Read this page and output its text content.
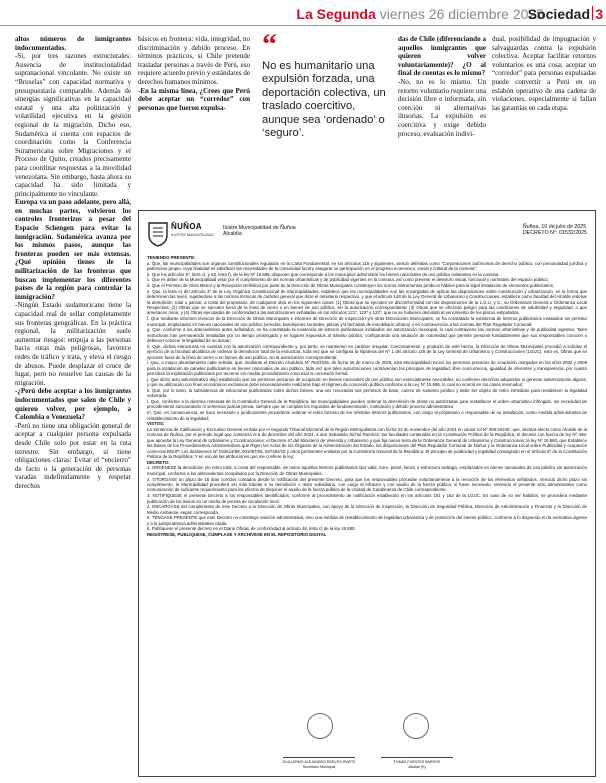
La Segunda viernes 26 diciembre 2025
Sociedad 3

altos números de inmigrantes indocumentados.

-Si, por tres razones estructurales: Ausencia de institucionalidad supranacional vinculante. No existe un “Bruselas” con capacidad normativa y presupuestaria comparable. Además de sinergias significativas en la capacidad estatal y una alta politización y volatilidad ejecutiva en la gestión regional de la migración. Dicho eso, Sudamérica sí cuenta con espacios de coordinación como la Conferencia Suramericana sobre Migraciones y el Proceso de Quito, creados precisamente para coordinar respuestas a la movilidad venezolana. Sin embargo, hasta ahora su capacidad ha sido limitada y principalmente no vinculante.

Europa va un paso adelante, pero allá, en muchas partes, volvieron los controles fronterizos a pesar del Espacio Schengen para evitar la inmigración. Sudamérica avanza por los mismos pasos, aunque las fronteras pueden ser más extensas.¿Qué opinión tienes de la militarización de las fronteras que buscan implementar los diferentes países de la región para controlar la inmigración?

-Ningún Estado sudamericano tiene la capacidad real de sellar completamente sus fronteras geográficas. En la práctica regional, la militarización suele aumentar riesgos: empuja a las personas hacia rutas más peligrosas, favorece redes de tráfico y trata, y eleva el riesgo de abusos. Puede desplazar el cruce de lugar, pero no resuelve las causas de la migración.

-¿Perú debe aceptar a los inmigrantes indocumentados que salen de Chile y quieren volver, por ejemplo, a Colombia o Venezuela?

-Perú no tiene una obligación general de aceptar a cualquier persona expulsada desde Chile solo por estar en la ruta terrestre. Sin embargo, sí tiene obligaciones claras: Evitar el “encierro” de facto o la generación de personas varadas indefinidamente y respetar derechos

básicos en frontera: vida, integridad, no discriminación y debido proceso. En términos prácticos, si Chile pretende trasladar personas a través de Perú, eso requiere acuerdo previo y estándares de derechos humanos mínimos.

-En la misma línea, ¿Crees que Perú debe aceptar un “corredor” con personas que fueron expulsa-

“
No es humanitario una expulsión forzada, una deportación colectiva, un traslado coercitivo, aunque sea ‘ordenado’ o ‘seguro’.

das de Chile (diferenciando a aquellos inmigrantes que quieren volver voluntariamente)? ¿O al final de cuentas es lo mismo?

-No, no es lo mismo. Un retorno voluntario requiere una decisión libre e informada, sin coerción ni alternativas ilusorias. La expulsión es coercitiva y exige debido proceso, evaluación indivi-

dual, posibilidad de impugnación y salvaguardas contra la expulsión colectiva. Aceptar facilitar retornos voluntarios es una cosa; aceptar un “corredor” para personas expulsadas puede convertir a Perú en un eslabón operativo de una cadena de violaciones, especialmente si fallan las garantías en cada etapa.

ÑUÑOA
ILUSTRE MUNICIPALIDAD
Ilustre Municipalidad de Ñuñoa
Alcaldía
Ñuñoa, 10 de julio de 2025
DECRETO N°: 01532/2025

TENIENDO PRESENTE:

a. Que, las municipalidades son órganos constitucionales regulados en la Carta Fundamental, en los artículos 118 y siguientes, siendo definidas como “Corporaciones autónomas de derecho público, con personalidad jurídica y patrimonio propio, cuya finalidad es satisfacer las necesidades de la comunidad local y asegurar su participación en el progreso económico, social y cultural de la comuna”;

b. Que los artículos 5º, letra c), y 63, letra f), de la ley Nº 18.695, disponen que corresponde a los municipios administrar los bienes nacionales de uso público existentes en la comuna.

c. Que es deber de la Municipalidad velar por el cumplimiento de las normas urbanísticas y de publicidad vigentes en la comuna, así como prevenir el deterioro visual, funcional y normativo del espacio público;

d. Que el Permiso de Obra Menor y la Recepción Definitiva por parte de la Dirección de Obras Municipales constituyen los únicos instrumentos jurídicos hábiles para la legal instalación de elementos publicitarios;

e. Que, la letra e) del artículo 3º de la Ley Orgánica Constitucional de Municipalidades, establece que las municipalidades son las encargadas de aplicar las disposiciones sobre construcción y urbanización, en la forma que determinen las leyes, sujetándose a las normas técnicas de carácter general que dicte el ministerio respectivo, y que el artículo 148 de la Ley General de Urbanismo y Construcciones, establece como facultad del Alcalde ordenar la demolición, total o parcial, a costa del propietario, de cualquiera obra en los siguientes casos: (1) Obras que se ejecuten en disconformidad con las disposiciones de la L.G.U. y C., su Ordenanza General u Ordenanza Local Respectiva; (2) Obras que se ejecuten fuera de la línea de cierro o en bienes de uso público, sin la autorización correspondiente; (3) Obras que se ofrezcan peligro para las condiciones de salubridad y seguridad, o que amenacen ruina, y (4) Obras ejecutadas de conformidad a las autorizaciones señaladas en los artículos 121º, 122º y 123º, que no se hubieren demolido al vencimiento de los plazos estipulados.

f. Que mediante informes técnicos de la Dirección de Obras Municipales e informes de Dirección de Inspección y/o otras Direcciones Municipales, se ha constatado la existencia de letreros publicitarios instalados sin permiso municipal, emplazados en bienes nacionales de uso público (veredas, bandejones centrales, plazas y/o fachadas de inmobiliario urbano) o en contravención a las normas del Plan Regulador Comunal;

g. Que, conforme a los antecedentes antes señalados, se ha constatado la existencia de letreros publicitarios instalados sin autorización municipal, lo cual contraviene las normas urbanísticas y de publicidad vigentes. Tales estructuras han permanecido instaladas por un tiempo prolongado y en lugares expuestos al tránsito público, configurando una situación de notoriedad que permite presumir fundadamente que sus responsables conocen o debieron conocer la ilegalidad de su actuar;

h. Que, dichas estructuras no cuentan con la autorización correspondiente y, por tanto, se mantienen en carácter irregular. Concretamente, y producto de este hecho, la Dirección de Obras Municipales procedió a solicitar el ejercicio de la facultad alcaldicia de ordenar la demolición total de la estructura, toda vez que se configura la hipótesis del Nº 1 del artículo 148 de la Ley General de Urbanismo y Construcciones (LGUC), esto es, Obras que se ejecuten fuera de la línea de cierre o en bienes de uso público, sin la autorización correspondiente;

i. Que, a mayor abundamiento cabe señalar, que, mediante el Decreto Alcaldicio Nº 754/2025, de fecha 26 de marzo de 2025, esta Municipalidad revocó los permisos precarios de ocupación otorgados en los años 2004 y 2006 para la instalación de paneles publicitarios en bienes nacionales de uso público, toda vez que tales autorizaciones contravenían los principios de legalidad, libre concurrencia, igualdad de oferentes y transparencia, por cuanto permitían la explotación publicitaria por terceros sin mediar procedimiento concursal ni concesión formal;

j. Que dicho acto administrativo dejó establecido que los permisos precarios de ocupación en bienes nacionales de uso público son esencialmente revocables, no confieren derechos adquiridos ni generan indemnización alguna, y que su utilización con fines económicos exclusivos debe necesariamente realizarse bajo el régimen de concesión pública conforme a la Ley Nº 18.695, lo cual no ocurrió en los casos revocados;

k. Que, por lo tanto, la subsistencia de estructuras publicitarias sobre dichos bienes, una vez revocados sus permisos de base, carece de sustento jurídico y debe ser objeto de retiro inmediato para restablecer la legalidad vulnerada.

l. Que, conforme a la doctrina reiterada de la Contraloría General de la República, las municipalidades pueden ordenar la demolición de obras no autorizadas para restablecer el orden urbanístico infringido, sin necesidad de procedimiento sancionatorio ni sentencia judicial previa, siempre que se cumplan los requisitos de fundamentación, motivación y debido proceso administrativo;

m. Que, en consecuencia, se hace necesario y jurídicamente procedente ordenar el retiro forzoso de los referidos letreros publicitarios, con cargo al propietario o responsable de su instalación, como medida administrativa de restablecimiento de la legalidad;

VISTOS:

La Sentencia de Calificación y Escrutinio General emitida por el Segundo Tribunal Electoral de la Región Metropolitana con fecha 23 de noviembre del año 2024 en causa rol Nº 309-2024E, que, declara electo como Alcalde de la comuna de Ñuñoa, por el período legal que comienza el 6 de diciembre del año 2024, a don Sebastián Sichel Ramírez; las facultades contenidas en la Constitución Política de la República; el decreto con fuerza de ley Nº 458, que aprueba la Ley General de Urbanismo y Construcciones; el Decreto 47 del Ministerio de Vivienda y Urbanismo y que fija nuevo texto de la Ordenanza General de Urbanismo y Construcciones; la ley Nº 19.880, que Establece las Bases de los Procedimientos Administrativos que Rigen los Actos de los Órganos de la Administración del Estado, las disposiciones del Plan Regulador Comunal de Ñuñoa y la Ordenanza Local sobre Publicidad y ocupación comercial BNUP; Los dictámenes Nº 023614/99, 001087/05, 027362/10 y otros pertinentes emitidos por la Contraloría General de la República; El principio de juridicidad y legalidad consagrado en el artículo 6º de la Constitución Política de la República; Y en uso de las atribuciones que me confiere la ley;

DECRETO:

1. ORDÉNESE la demolición y/o retiro total, a costa del responsable, de todos aquellos letreros publicitarios tipo valla, torre, panel, lienzo o estructura análoga, emplazados en bienes nacionales de uso público sin autorización municipal, conforme a los antecedentes recopilados por la Dirección de Obras Municipales.

2. OTORGASE un plazo de 15 días corridos contados desde la notificación del presente Decreto, para que los responsables procedan voluntariamente a la remoción de los elementos señalados. Vencido dicho plazo sin cumplimiento, la Municipalidad procederá sin más trámite a su demolición o retiro subsidiario, con cargo al infractor y con auxilio de la fuerza pública, si fuese necesario, sirviendo el presente acto administrativo como comunicación de suficiente requerimiento para los efectos de disponer el auxilio de la fuerza pública de la Unidad de Carabineros de Chile correspondiente.

3. NOTIFÍQUESE el presente Decreto a los responsables identificados, conforme al procedimiento de notificación establecido en los artículos 151 y 152 de la LGUC. En caso de no ser habidos, se procederá mediante publicación de los avisos en un medio de prensa de circulación local.

4. ENCÁRGASE del cumplimiento de este Decreto a la Dirección de Obras Municipales, con apoyo de la Dirección de Inspección, la Dirección de Seguridad Pública, Dirección de Administración y Finanzas y la Dirección de Medio Ambiente, según corresponda.

5. TÉNGASE PRESENTE que este Decreto no constituye sanción administrativa, sino una medida de restablecimiento de legalidad urbanística y de protección del interés público, conforme a lo dispuesto en la normativa vigente y a la jurisprudencia administrativa citada.

6. Publíquese el presente decreto en el Diario Oficial, de conformidad al artículo 48, letra c) de la ley 19.880.

REGÍSTRESE, PUBLÍQUESE, CÚMPLASE Y ARCHÍVESE EN EL REPOSITORIO DIGITAL

GUILLERMO ALEJANDRO REEVES IRARTE
Secretario Municipal
TOMÁS FUENTES BARROS
Alcalde (S)
